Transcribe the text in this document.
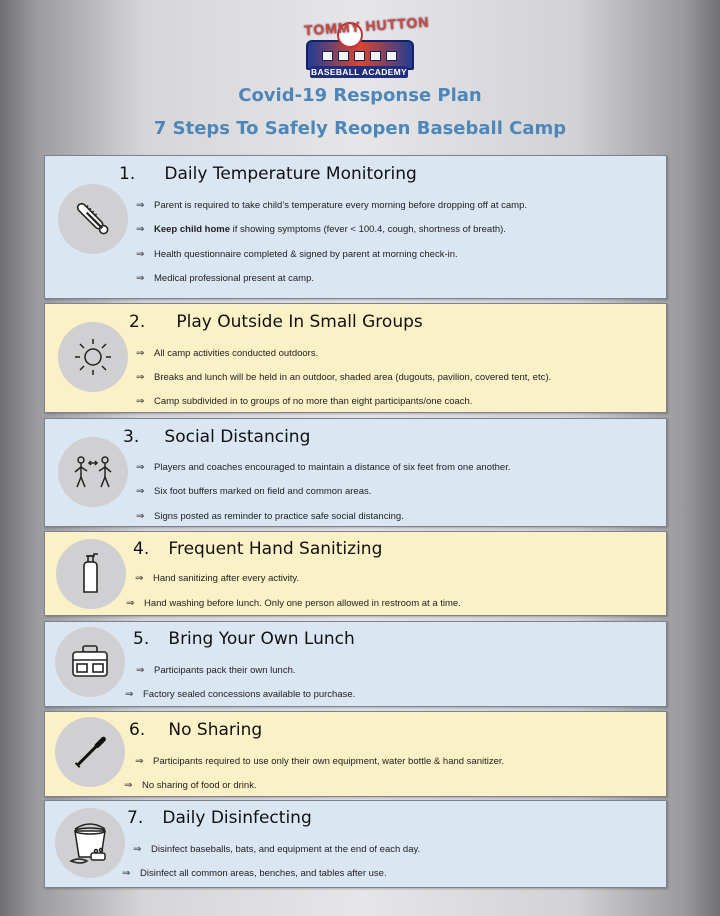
TOMMY HUTTON
BASEBALL ACADEMY
Covid-19 Response Plan
7 Steps To Safely Reopen Baseball Camp
1. Daily Temperature Monitoring
⇒ Parent is required to take child’s temperature every morning before dropping off at camp.
⇒ Keep child home if showing symptoms (fever < 100.4, cough, shortness of breath).
⇒ Health questionnaire completed & signed by parent at morning check-in.
⇒ Medical professional present at camp.
2. Play Outside In Small Groups
⇒ All camp activities conducted outdoors.
⇒ Breaks and lunch will be held in an outdoor, shaded area (dugouts, pavilion, covered tent, etc).
⇒ Camp subdivided in to groups of no more than eight participants/one coach.
3. Social Distancing
⇒ Players and coaches encouraged to maintain a distance of six feet from one another.
⇒ Six foot buffers marked on field and common areas.
⇒ Signs posted as reminder to practice safe social distancing.
4. Frequent Hand Sanitizing
⇒ Hand sanitizing after every activity.
⇒ Hand washing before lunch. Only one person allowed in restroom at a time.
5. Bring Your Own Lunch
⇒ Participants pack their own lunch.
⇒ Factory sealed concessions available to purchase.
6. No Sharing
⇒ Participants required to use only their own equipment, water bottle & hand sanitizer.
⇒ No sharing of food or drink.
7. Daily Disinfecting
⇒ Disinfect baseballs, bats, and equipment at the end of each day.
⇒ Disinfect all common areas, benches, and tables after use.
